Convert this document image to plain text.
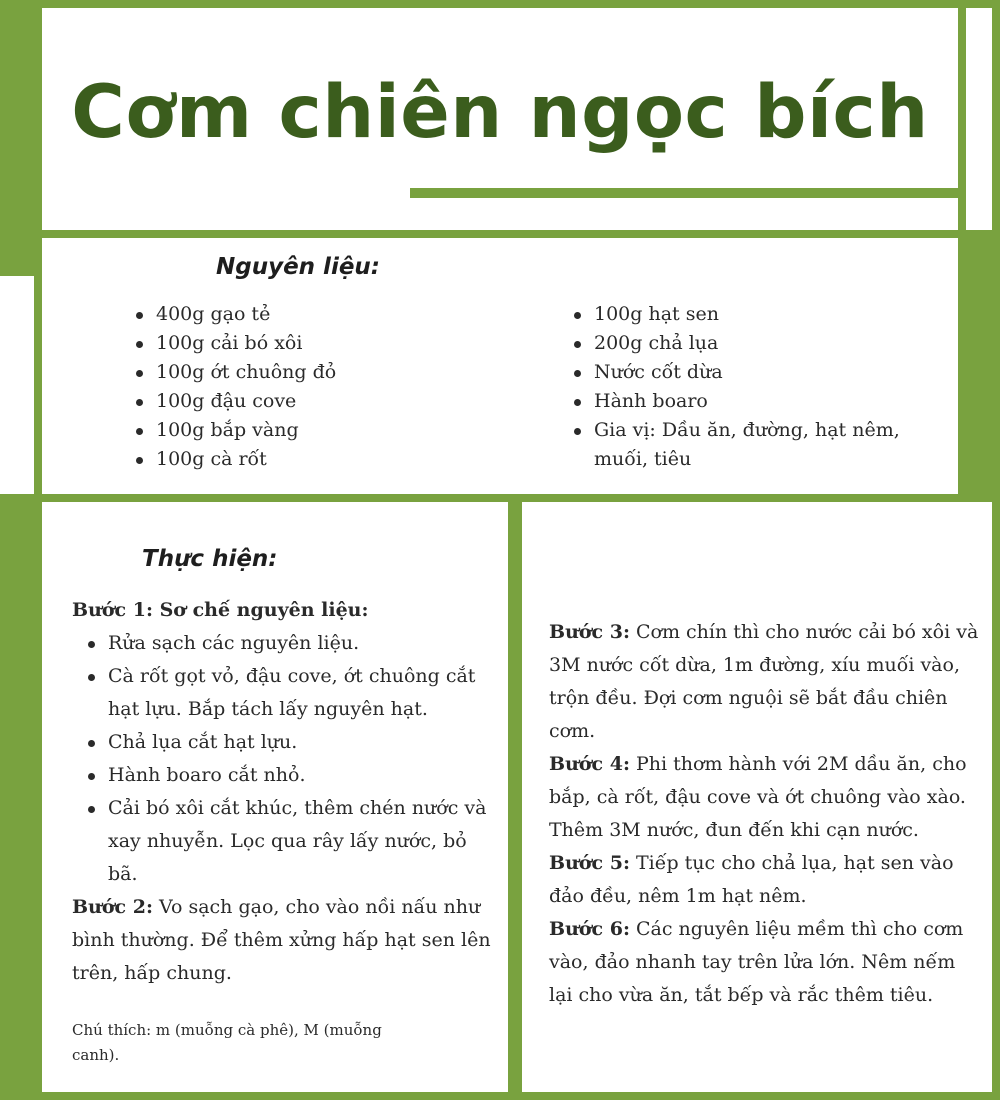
Cơm chiên ngọc bích
Nguyên liệu:
400g gạo tẻ
100g cải bó xôi
100g ớt chuông đỏ
100g đậu cove
100g bắp vàng
100g cà rốt
100g hạt sen
200g chả lụa
Nước cốt dừa
Hành boaro
Gia vị: Dầu ăn, đường, hạt nêm, muối, tiêu
Thực hiện:

Bước 1: Sơ chế nguyên liệu:

Rửa sạch các nguyên liệu.
Cà rốt gọt vỏ, đậu cove, ớt chuông cắt hạt lựu. Bắp tách lấy nguyên hạt.
Chả lụa cắt hạt lựu.
Hành boaro cắt nhỏ.
Cải bó xôi cắt khúc, thêm chén nước và xay nhuyễn. Lọc qua rây lấy nước, bỏ bã.

Bước 2: Vo sạch gạo, cho vào nồi nấu như bình thường. Để thêm xửng hấp hạt sen lên trên, hấp chung.

Chú thích: m (muỗng cà phê), M (muỗng canh).

Bước 3: Cơm chín thì cho nước cải bó xôi và 3M nước cốt dừa, 1m đường, xíu muối vào, trộn đều. Đợi cơm nguội sẽ bắt đầu chiên cơm.

Bước 4: Phi thơm hành với 2M dầu ăn, cho bắp, cà rốt, đậu cove và ớt chuông vào xào. Thêm 3M nước, đun đến khi cạn nước.

Bước 5: Tiếp tục cho chả lụa, hạt sen vào đảo đều, nêm 1m hạt nêm.

Bước 6: Các nguyên liệu mềm thì cho cơm vào, đảo nhanh tay trên lửa lớn. Nêm nếm lại cho vừa ăn, tắt bếp và rắc thêm tiêu.
